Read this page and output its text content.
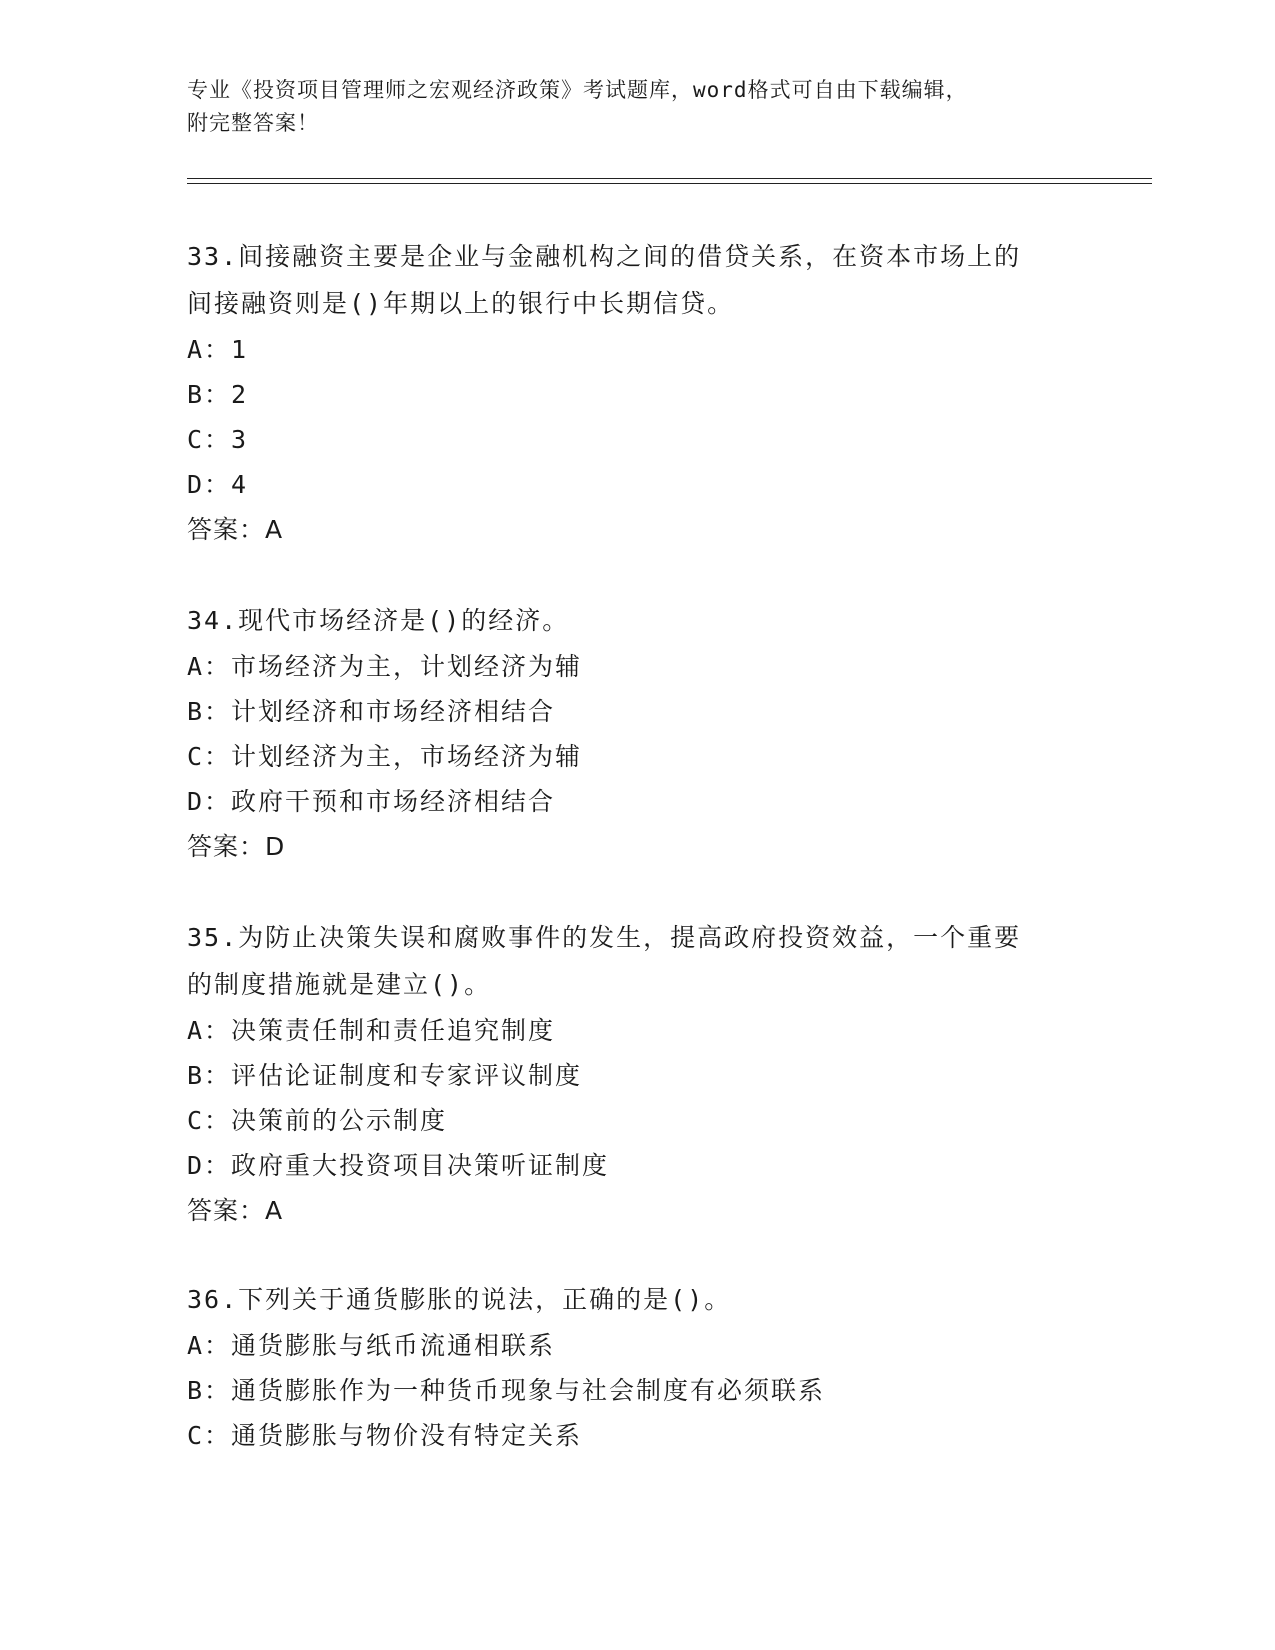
专业《投资项目管理师之宏观经济政策》考试题库，word格式可自由下载编辑，
附完整答案！
33.间接融资主要是企业与金融机构之间的借贷关系，在资本市场上的
间接融资则是()年期以上的银行中长期信贷。
A：1
B：2
C：3
D：4
答案：A
34.现代市场经济是()的经济。
A：市场经济为主，计划经济为辅
B：计划经济和市场经济相结合
C：计划经济为主，市场经济为辅
D：政府干预和市场经济相结合
答案：D
35.为防止决策失误和腐败事件的发生，提高政府投资效益，一个重要
的制度措施就是建立()。
A：决策责任制和责任追究制度
B：评估论证制度和专家评议制度
C：决策前的公示制度
D：政府重大投资项目决策听证制度
答案：A
36.下列关于通货膨胀的说法，正确的是()。
A：通货膨胀与纸币流通相联系
B：通货膨胀作为一种货币现象与社会制度有必须联系
C：通货膨胀与物价没有特定关系
